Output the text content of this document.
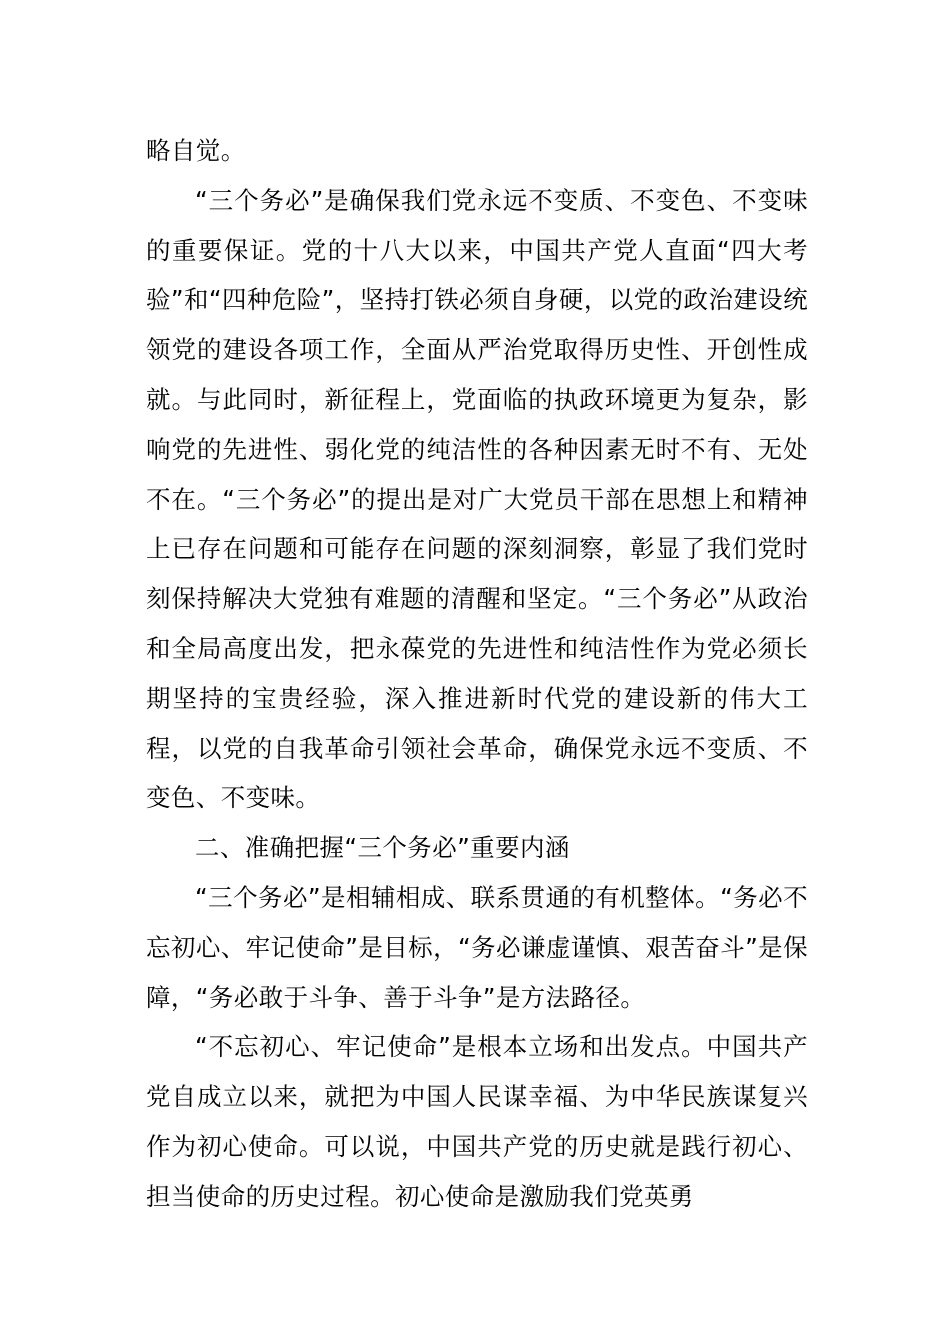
略自觉。

“三个务必”是确保我们党永远不变质、不变色、不变味的重要保证。党的十八大以来，中国共产党人直面“四大考验”和“四种危险”，坚持打铁必须自身硬，以党的政治建设统领党的建设各项工作，全面从严治党取得历史性、开创性成就。与此同时，新征程上，党面临的执政环境更为复杂，影响党的先进性、弱化党的纯洁性的各种因素无时不有、无处不在。“三个务必”的提出是对广大党员干部在思想上和精神上已存在问题和可能存在问题的深刻洞察，彰显了我们党时刻保持解决大党独有难题的清醒和坚定。“三个务必”从政治和全局高度出发，把永葆党的先进性和纯洁性作为党必须长期坚持的宝贵经验，深入推进新时代党的建设新的伟大工程，以党的自我革命引领社会革命，确保党永远不变质、不变色、不变味。

二、准确把握“三个务必”重要内涵

“三个务必”是相辅相成、联系贯通的有机整体。“务必不忘初心、牢记使命”是目标，“务必谦虚谨慎、艰苦奋斗”是保障，“务必敢于斗争、善于斗争”是方法路径。

“不忘初心、牢记使命”是根本立场和出发点。中国共产党自成立以来，就把为中国人民谋幸福、为中华民族谋复兴作为初心使命。可以说，中国共产党的历史就是践行初心、担当使命的历史过程。初心使命是激励我们党英勇
